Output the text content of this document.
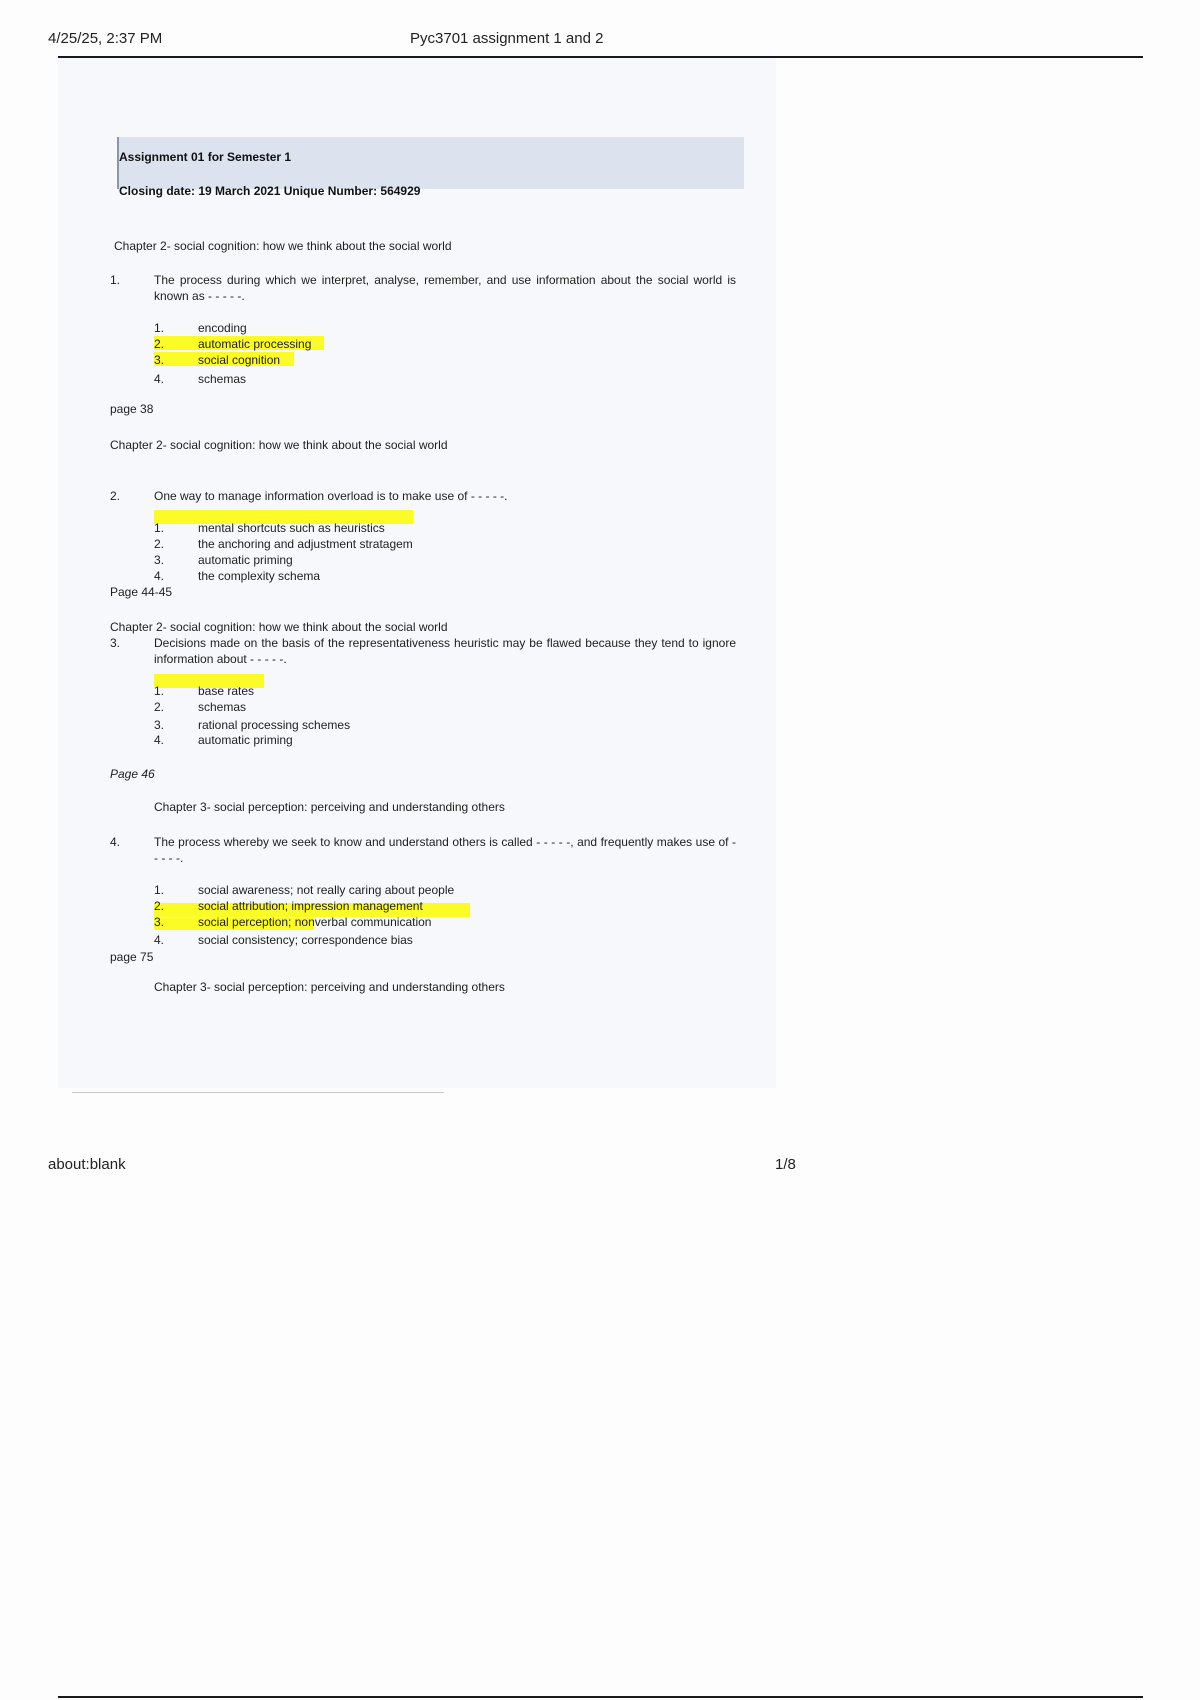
4/25/25, 2:37 PM	Pyc3701 assignment 1 and 2
Assignment 01 for Semester 1
Closing date: 19 March 2021 Unique Number: 564929
Chapter 2- social cognition: how we think about the social world
1.	The process during which we interpret, analyse, remember, and use information about the social world is known as - - - - -.
1.	encoding
2.	automatic processing
3.	social cognition
4.	schemas
page 38
Chapter 2- social cognition: how we think about the social world
2.	One way to manage information overload is to make use of - - - - -.
1.	mental shortcuts such as heuristics
2.	the anchoring and adjustment stratagem
3.	automatic priming
4.	the complexity schema
Page 44-45
Chapter 2- social cognition: how we think about the social world
3.	Decisions made on the basis of the representativeness heuristic may be flawed because they tend to ignore information about - - - - -.
1.	base rates
2.	schemas
3.	rational processing schemes
4.	automatic priming
Page 46
Chapter 3- social perception: perceiving and understanding others
4.	The process whereby we seek to know and understand others is called - - - - -, and frequently makes use of - - - - -.
1.	social awareness; not really caring about people
2.	social attribution; impression management
3.	social perception; nonverbal communication
4.	social consistency; correspondence bias
page 75
Chapter 3- social perception: perceiving and understanding others
about:blank	1/8
